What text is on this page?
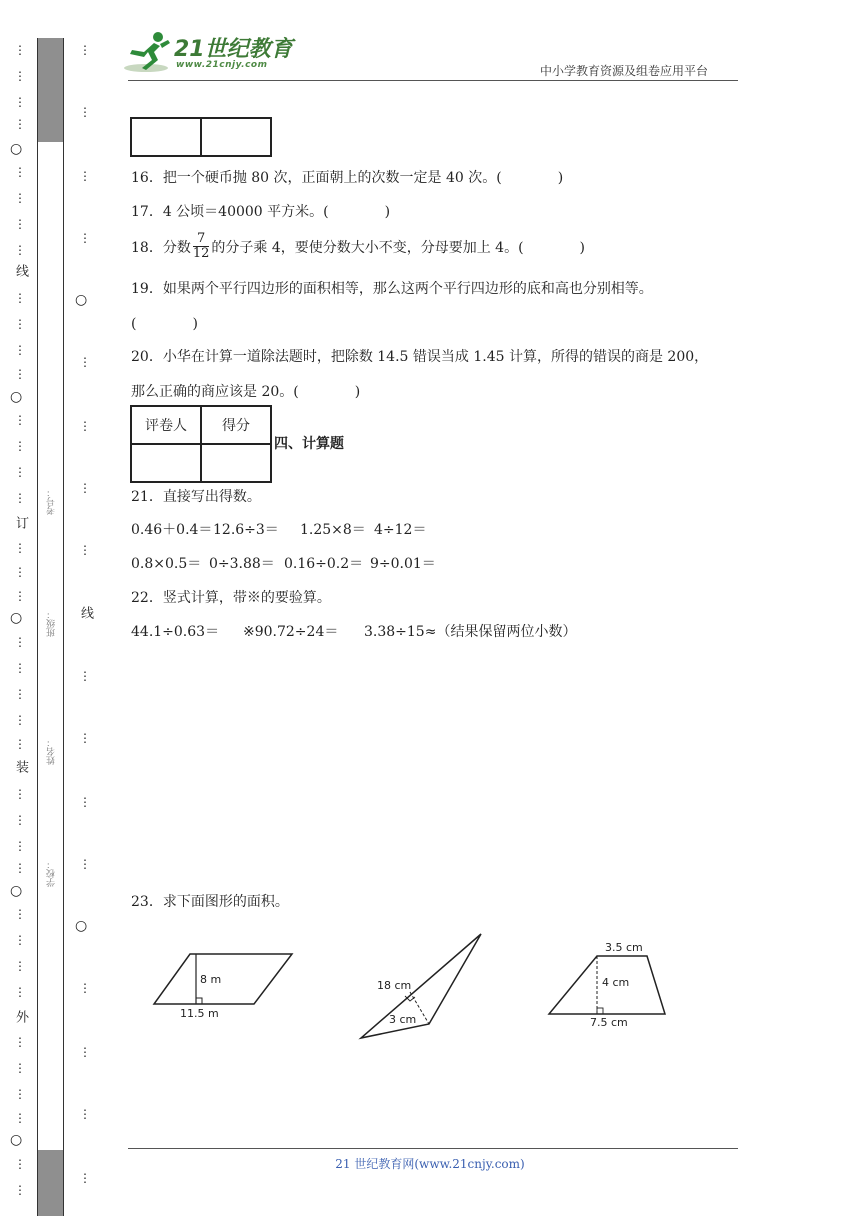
⋮
⋮
⋮
⋮
○
⋮
⋮
⋮
⋮
线
⋮
⋮
⋮
⋮
○
⋮
⋮
⋮
⋮
订
⋮
⋮
⋮
○
⋮
⋮
⋮
⋮
⋮
装
⋮
⋮
⋮
⋮
○
⋮
⋮
⋮
⋮
外
⋮
⋮
⋮
⋮
○
⋮
⋮
考号：
班级：
姓名：
学校：
⋮
⋮
⋮
⋮
○
⋮
⋮
⋮
⋮
线
⋮
⋮
⋮
⋮
○
⋮
⋮
⋮
⋮
21世纪教育
www.21cnjy.com	中小学教育资源及组卷应用平台

16．把一个硬币抛 80 次，正面朝上的次数一定是 40 次。(　　　　)
17．4 公顷＝40000 平方米。(　　　　)
18．分数 $\frac{7}{12}$ 的分子乘 4，要使分数大小不变，分母要加上 4。(　　　　)
19．如果两个平行四边形的面积相等，那么这两个平行四边形的底和高也分别相等。
(　　　　)
20．小华在计算一道除法题时，把除数 14.5 错误当成 1.45 计算，所得的错误的商是 200，
那么正确的商应该是 20。(　　　　)
评卷人	得分

四、计算题
21．直接写出得数。
0.46＋0.4＝12.6÷3＝ 1.25×8＝ 4÷12＝
0.8×0.5＝ 0÷3.88＝ 0.16÷0.2＝ 9÷0.01＝
22．竖式计算，带※的要验算。
44.1÷0.63＝ ※90.72÷24＝ 3.38÷15≈（结果保留两位小数）
23．求下面图形的面积。
8 m
11.5 m
18 cm
3 cm
3.5 cm
4 cm
7.5 cm
21 世纪教育网(www.21cnjy.com)
